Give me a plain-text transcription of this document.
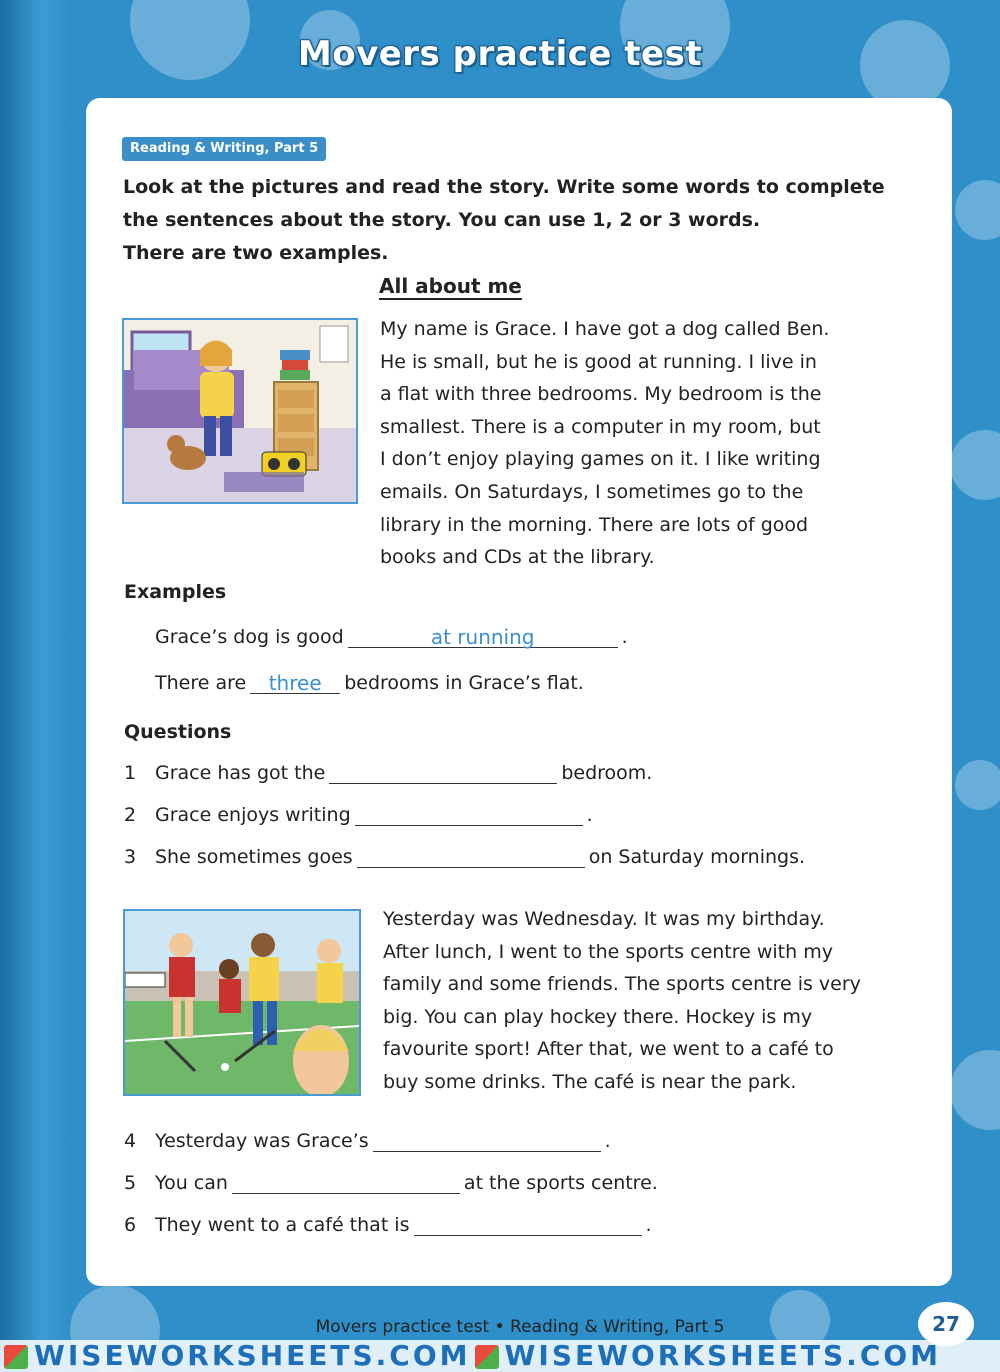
Movers practice test
Reading & Writing, Part 5
Look at the pictures and read the story. Write some words to complete
the sentences about the story. You can use 1, 2 or 3 words.
There are two examples.
All about me
My name is Grace. I have got a dog called Ben.
He is small, but he is good at running. I live in
a flat with three bedrooms. My bedroom is the
smallest. There is a computer in my room, but
I don’t enjoy playing games on it. I like writing
emails. On Saturdays, I sometimes go to the
library in the morning. There are lots of good
books and CDs at the library.
Examples
Grace’s dog is good	at running	.
There are	three	bedrooms in Grace’s flat.
Questions
1 Grace has got the	bedroom.
2 Grace enjoys writing	.
3 She sometimes goes	on Saturday mornings.
Yesterday was Wednesday. It was my birthday.
After lunch, I went to the sports centre with my
family and some friends. The sports centre is very
big. You can play hockey there. Hockey is my
favourite sport! After that, we went to a café to
buy some drinks. The café is near the park.
4 Yesterday was Grace’s	.
5 You can	at the sports centre.
6 They went to a café that is	.
Movers practice test • Reading & Writing, Part 5	27
WISEWORKSHEETS.COM WISEWORKSHEETS.COM
